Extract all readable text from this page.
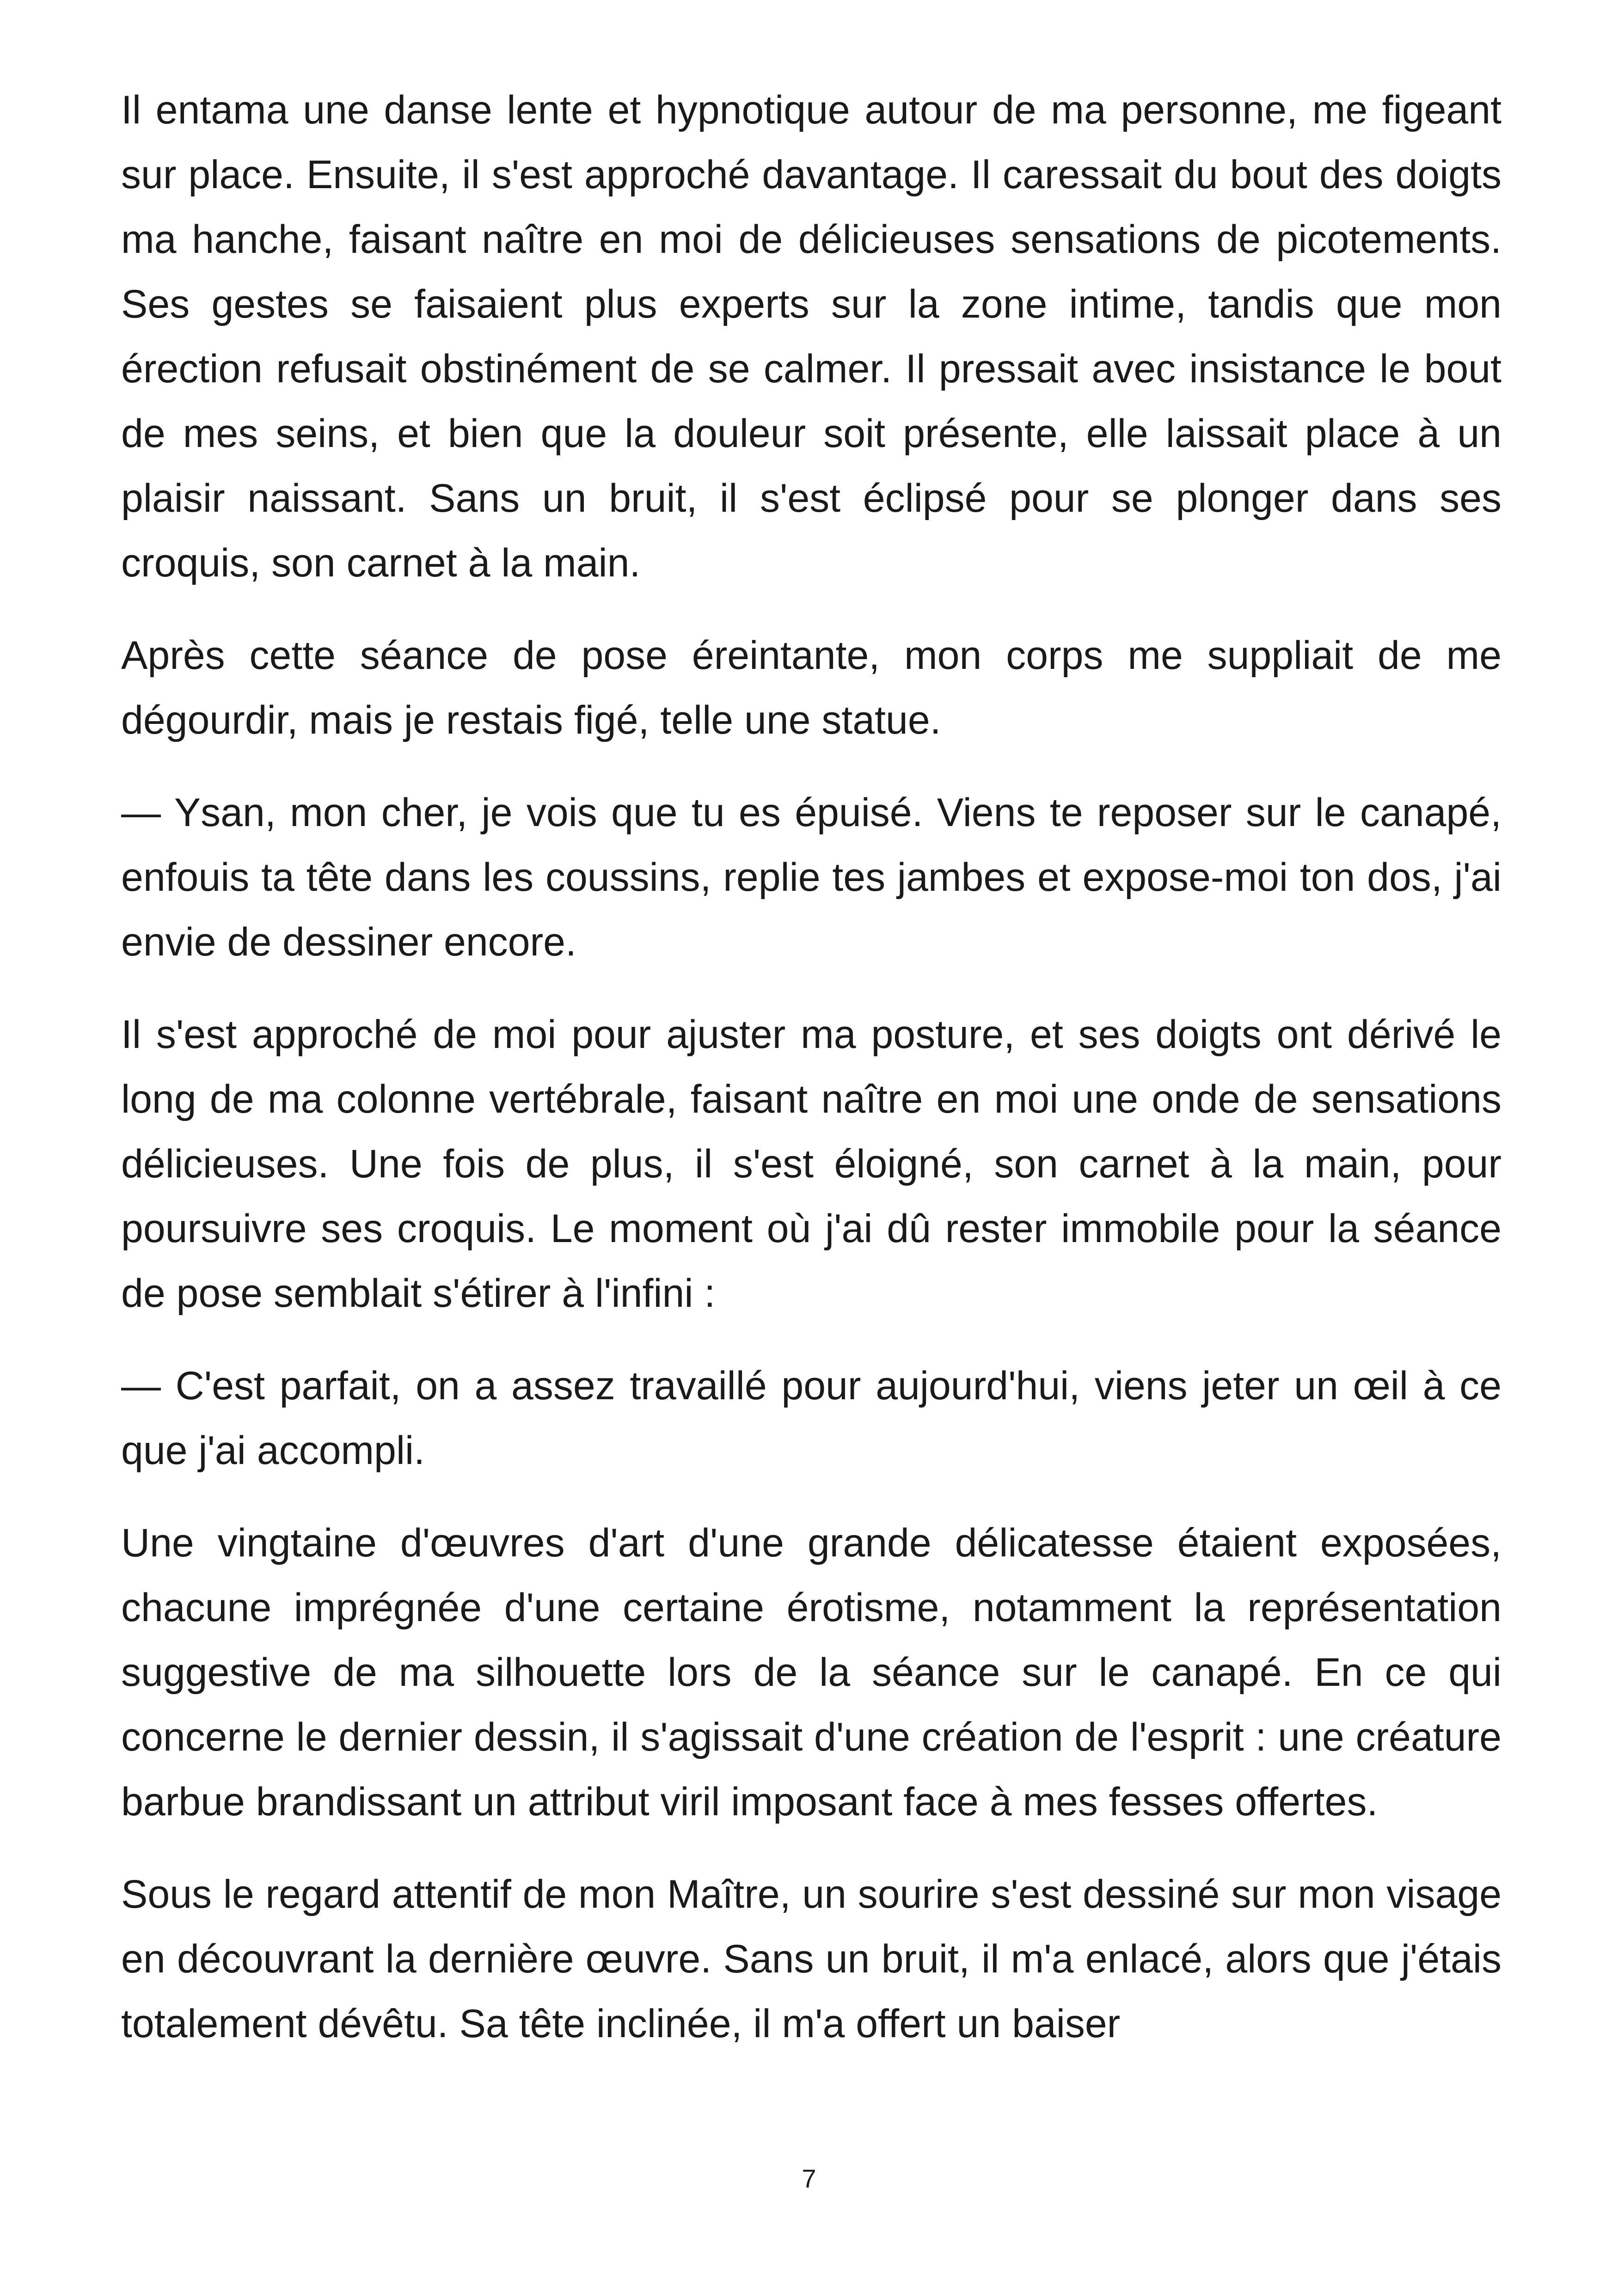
Il entama une danse lente et hypnotique autour de ma personne, me figeant sur place. Ensuite, il s'est approché davantage. Il caressait du bout des doigts ma hanche, faisant naître en moi de délicieuses sensations de picotements. Ses gestes se faisaient plus experts sur la zone intime, tandis que mon érection refusait obstinément de se calmer. Il pressait avec insistance le bout de mes seins, et bien que la douleur soit présente, elle laissait place à un plaisir naissant. Sans un bruit, il s'est éclipsé pour se plonger dans ses croquis, son carnet à la main.

Après cette séance de pose éreintante, mon corps me suppliait de me dégourdir, mais je restais figé, telle une statue.

— Ysan, mon cher, je vois que tu es épuisé. Viens te reposer sur le canapé, enfouis ta tête dans les coussins, replie tes jambes et expose-moi ton dos, j'ai envie de dessiner encore.

Il s'est approché de moi pour ajuster ma posture, et ses doigts ont dérivé le long de ma colonne vertébrale, faisant naître en moi une onde de sensations délicieuses. Une fois de plus, il s'est éloigné, son carnet à la main, pour poursuivre ses croquis. Le moment où j'ai dû rester immobile pour la séance de pose semblait s'étirer à l'infini :

— C'est parfait, on a assez travaillé pour aujourd'hui, viens jeter un œil à ce que j'ai accompli.

Une vingtaine d'œuvres d'art d'une grande délicatesse étaient exposées, chacune imprégnée d'une certaine érotisme, notamment la représentation suggestive de ma silhouette lors de la séance sur le canapé. En ce qui concerne le dernier dessin, il s'agissait d'une création de l'esprit : une créature barbue brandissant un attribut viril imposant face à mes fesses offertes.

Sous le regard attentif de mon Maître, un sourire s'est dessiné sur mon visage en découvrant la dernière œuvre. Sans un bruit, il m'a enlacé, alors que j'étais totalement dévêtu. Sa tête inclinée, il m'a offert un baiser

7
